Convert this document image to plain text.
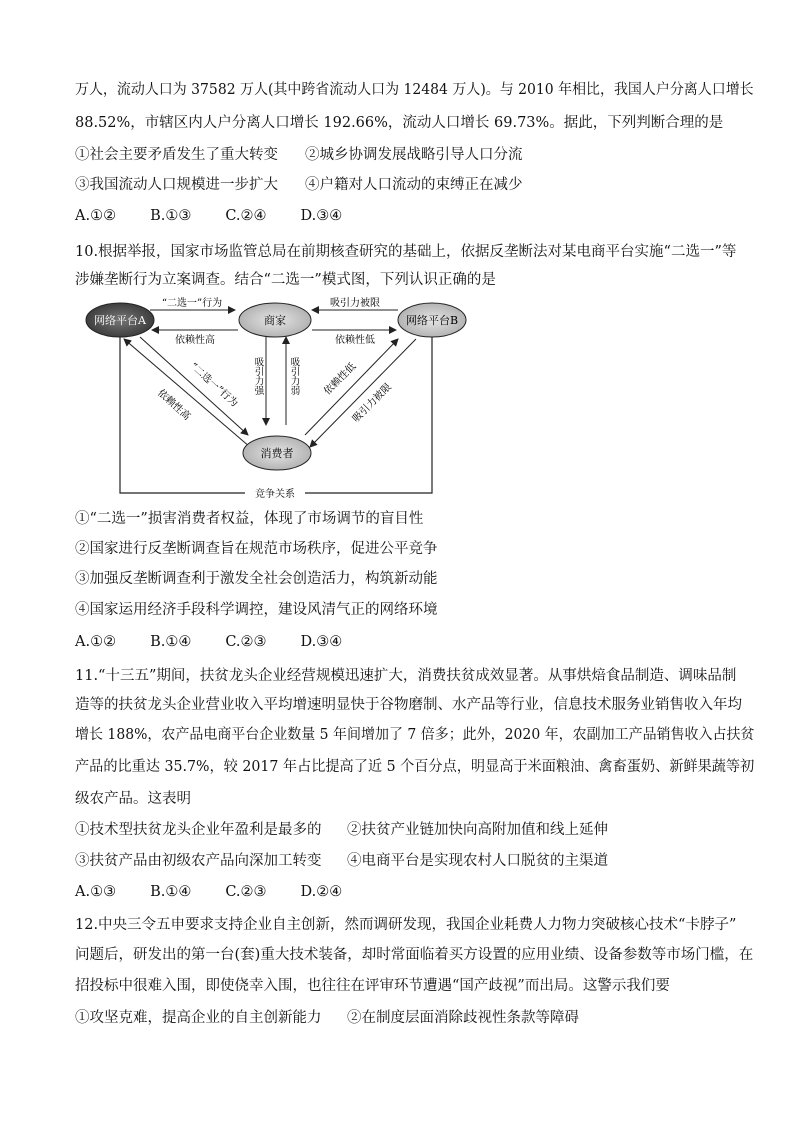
万人，流动人口为 37582 万人(其中跨省流动人口为 12484 万人)。与 2010 年相比，我国人户分离人口增长
88.52%，市辖区内人户分离人口增长 192.66%，流动人口增长 69.73%。据此，下列判断合理的是
①社会主要矛盾发生了重大转变 ②城乡协调发展战略引导人口分流
③我国流动人口规模进一步扩大 ④户籍对人口流动的束缚正在减少
A.①② B.①③ C.②④ D.③④
10.根据举报，国家市场监管总局在前期核查研究的基础上，依据反垄断法对某电商平台实施“二选一”等
涉嫌垄断行为立案调查。结合“二选一”模式图，下列认识正确的是
网络平台A	商家	网络平台B
消费者
“二选一”行为
依赖性高
吸引力被限
依赖性低
吸引力强	吸引力弱
“二选一”行为
依赖性高
依赖性低
吸引力被限
竞争关系
①“二选一”损害消费者权益，体现了市场调节的盲目性
②国家进行反垄断调查旨在规范市场秩序，促进公平竞争
③加强反垄断调查利于激发全社会创造活力，构筑新动能
④国家运用经济手段科学调控，建设风清气正的网络环境
A.①② B.①④ C.②③ D.③④
11.“十三五”期间，扶贫龙头企业经营规模迅速扩大，消费扶贫成效显著。从事烘焙食品制造、调味品制
造等的扶贫龙头企业营业收入平均增速明显快于谷物磨制、水产品等行业，信息技术服务业销售收入年均
增长 188%，农产品电商平台企业数量 5 年间增加了 7 倍多；此外，2020 年，农副加工产品销售收入占扶贫
产品的比重达 35.7%，较 2017 年占比提高了近 5 个百分点，明显高于米面粮油、禽畜蛋奶、新鲜果蔬等初
级农产品。这表明
①技术型扶贫龙头企业年盈利是最多的 ②扶贫产业链加快向高附加值和线上延伸
③扶贫产品由初级农产品向深加工转变 ④电商平台是实现农村人口脱贫的主渠道
A.①③ B.①④ C.②③ D.②④
12.中央三令五申要求支持企业自主创新，然而调研发现，我国企业耗费人力物力突破核心技术“卡脖子”
问题后，研发出的第一台(套)重大技术装备，却时常面临着买方设置的应用业绩、设备参数等市场门槛，在
招投标中很难入围，即使侥幸入围，也往往在评审环节遭遇“国产歧视”而出局。这警示我们要
①攻坚克难，提高企业的自主创新能力 ②在制度层面消除歧视性条款等障碍
